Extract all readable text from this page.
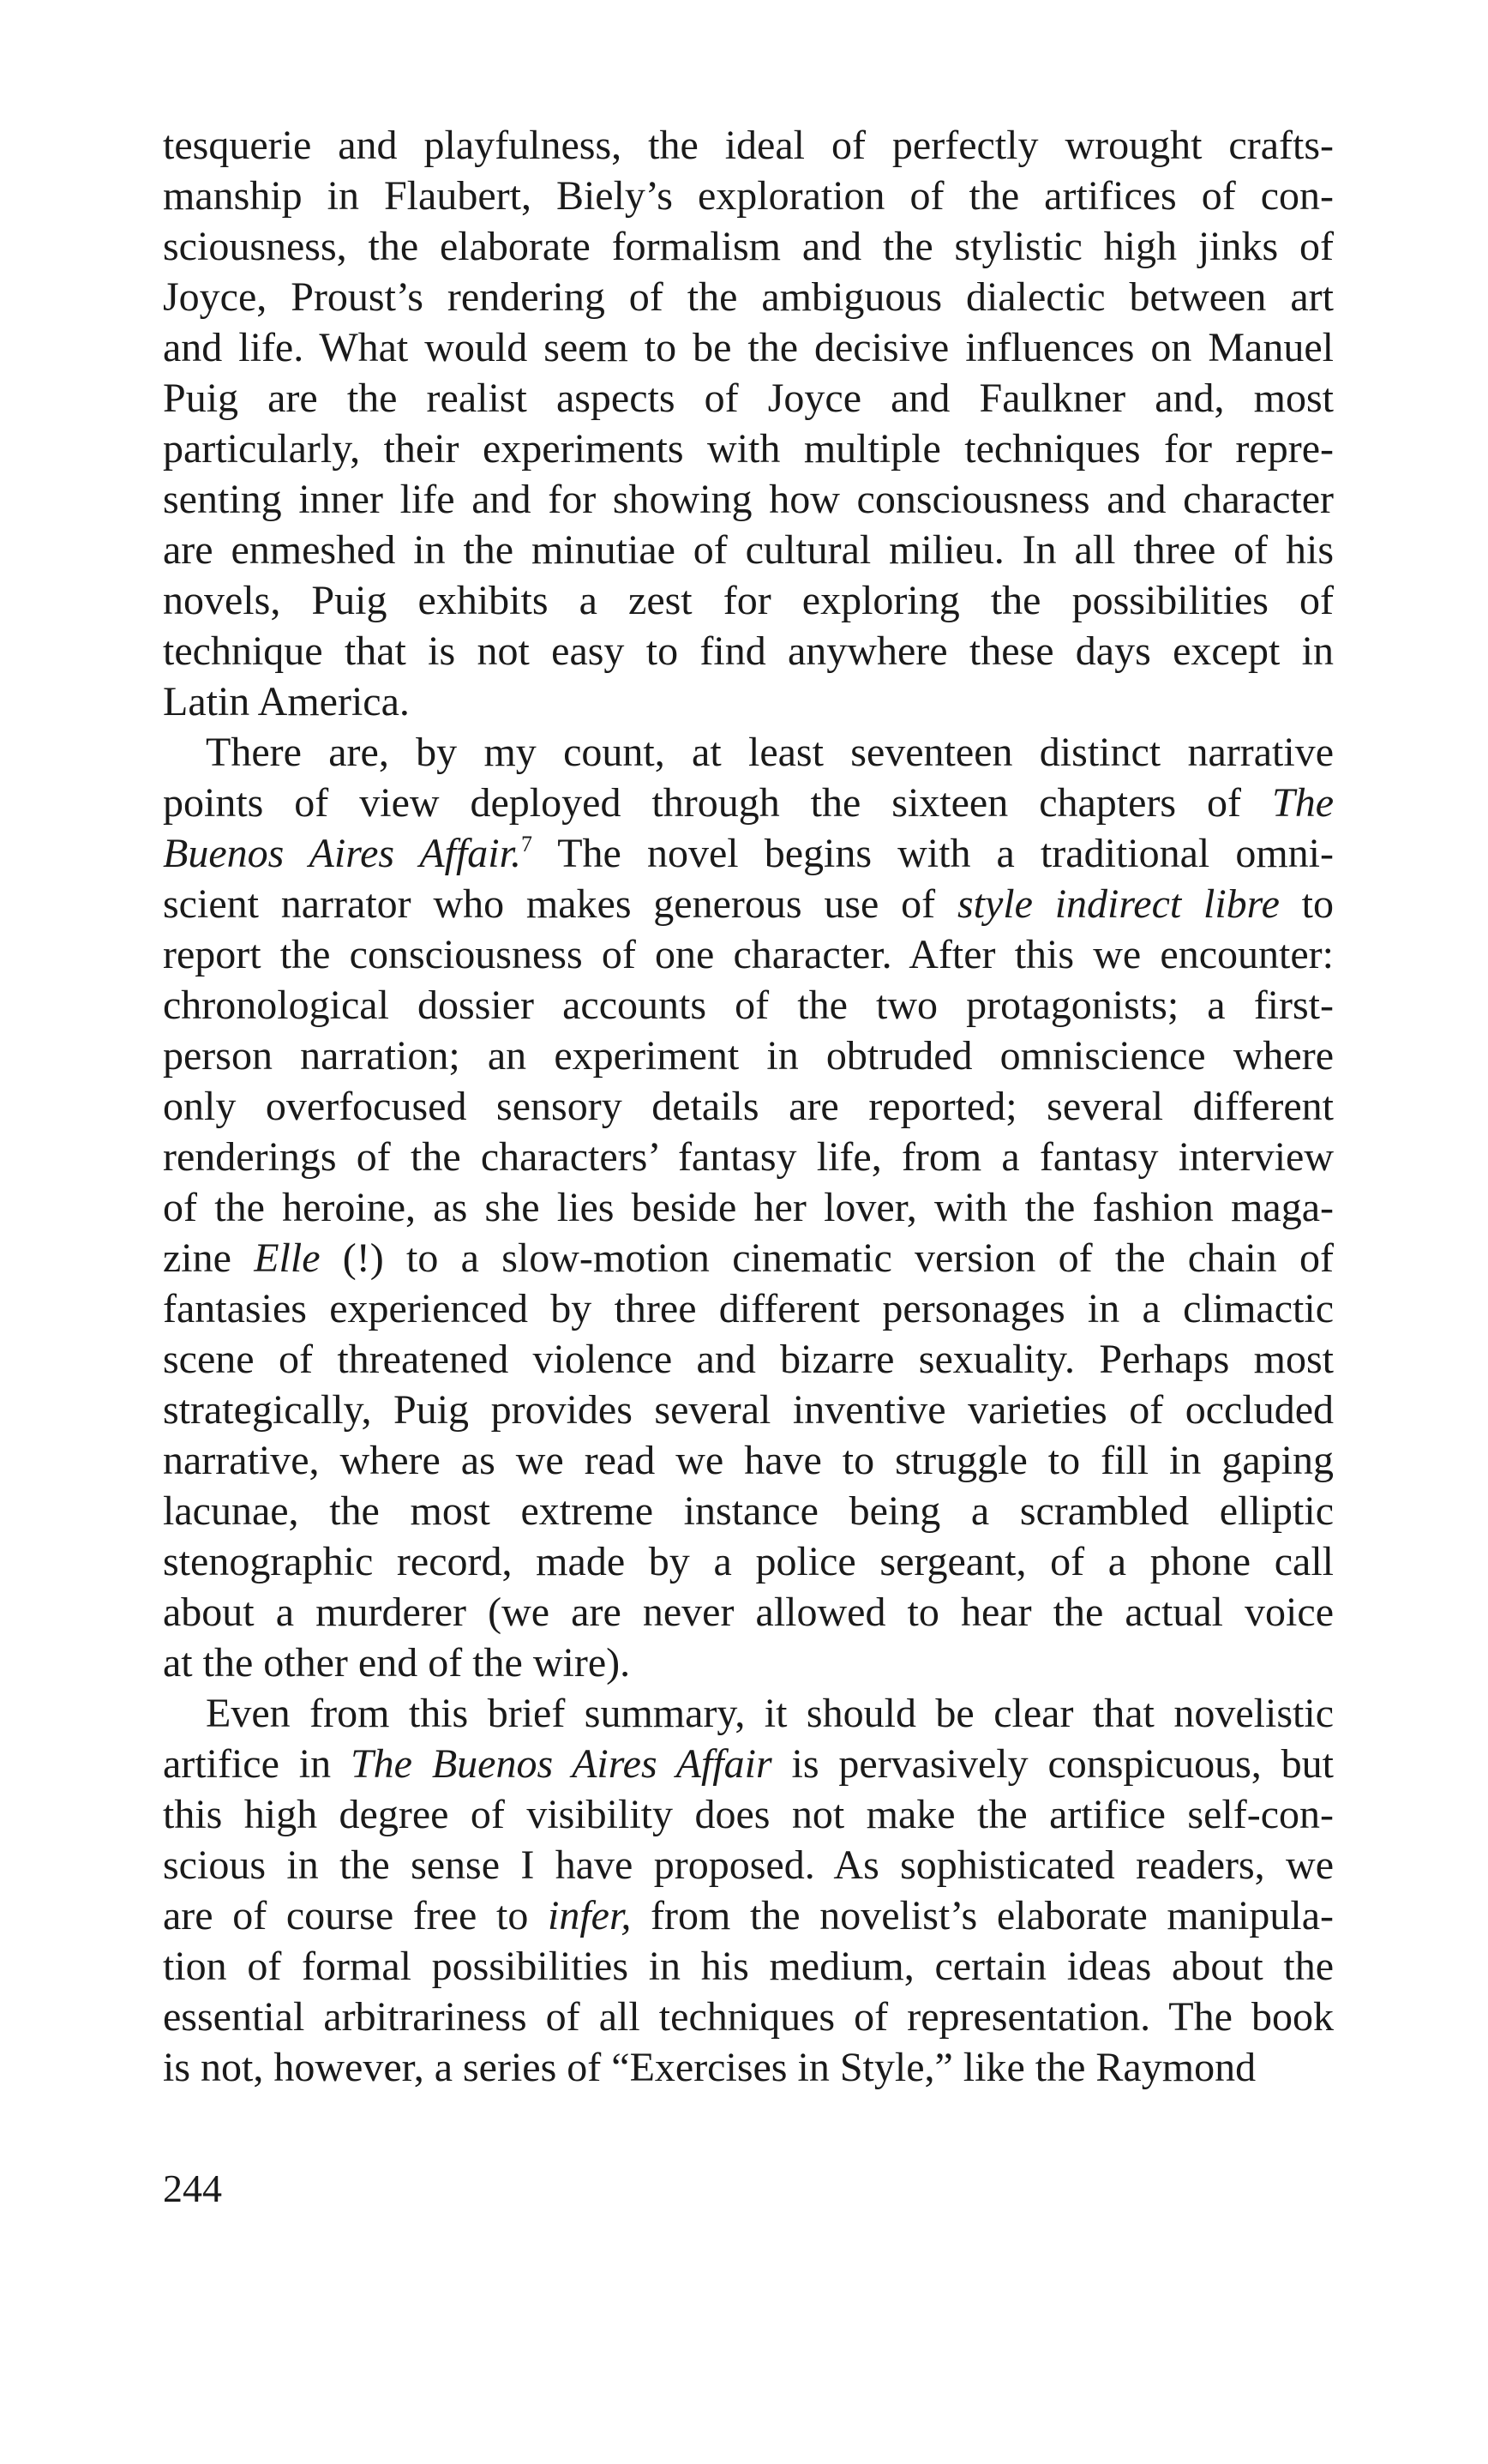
tesquerie and playfulness, the ideal of perfectly wrought crafts-
manship in Flaubert, Biely’s exploration of the artifices of con-
sciousness, the elaborate formalism and the stylistic high jinks of
Joyce, Proust’s rendering of the ambiguous dialectic between art
and life. What would seem to be the decisive influences on Manuel
Puig are the realist aspects of Joyce and Faulkner and, most
particularly, their experiments with multiple techniques for repre-
senting inner life and for showing how consciousness and character
are enmeshed in the minutiae of cultural milieu. In all three of his
novels, Puig exhibits a zest for exploring the possibilities of
technique that is not easy to find anywhere these days except in
Latin America.
There are, by my count, at least seventeen distinct narrative
points of view deployed through the sixteen chapters of The
Buenos Aires Affair.$^7$ The novel begins with a traditional omni-
scient narrator who makes generous use of style indirect libre to
report the consciousness of one character. After this we encounter:
chronological dossier accounts of the two protagonists; a first-
person narration; an experiment in obtruded omniscience where
only overfocused sensory details are reported; several different
renderings of the characters’ fantasy life, from a fantasy interview
of the heroine, as she lies beside her lover, with the fashion maga-
zine Elle (!) to a slow-motion cinematic version of the chain of
fantasies experienced by three different personages in a climactic
scene of threatened violence and bizarre sexuality. Perhaps most
strategically, Puig provides several inventive varieties of occluded
narrative, where as we read we have to struggle to fill in gaping
lacunae, the most extreme instance being a scrambled elliptic
stenographic record, made by a police sergeant, of a phone call
about a murderer (we are never allowed to hear the actual voice
at the other end of the wire).
Even from this brief summary, it should be clear that novelistic
artifice in The Buenos Aires Affair is pervasively conspicuous, but
this high degree of visibility does not make the artifice self-con-
scious in the sense I have proposed. As sophisticated readers, we
are of course free to infer, from the novelist’s elaborate manipula-
tion of formal possibilities in his medium, certain ideas about the
essential arbitrariness of all techniques of representation. The book
is not, however, a series of “Exercises in Style,” like the Raymond
244
